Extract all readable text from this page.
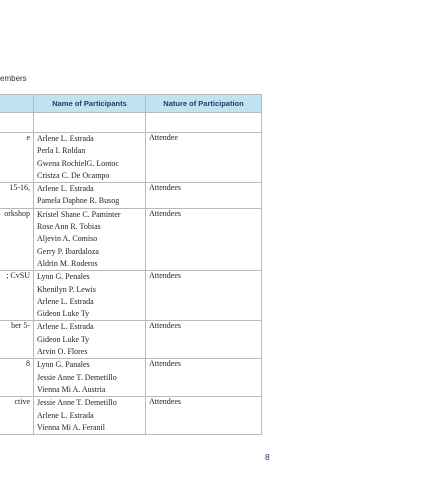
embers
	Name of Participants	Nature of Participation

e	Arlene L. Estrada
Perla I. Roldan
Gwena RochielG. Lontoc
Cristza C. De Ocampo	Attendee
15-16,	Arlene L. Estrada
Pamela Daphne R. Busog	Attendees
orkshop	Kristel Shane C. Paminter
Rose Ann R. Tobias
Aljevin A. Comiso
Gerry P. Ibardaloza
Aldrin M. Roderos	Attendees
; CvSU	Lynn G. Penales
Khenilyn P. Lewis
Arlene L. Estrada
Gideon Luke Ty	Attendees
ber 5-	Arlene L. Estrada
Gideon Luke Ty
Arvin O. Flores	Attendees
8	Lynn G. Panales
Jessie Anne T. Demetillo
Vienna Mi A. Austria	Attendees
ctive	Jessie Anne T. Demetillo
Arlene L. Estrada
Vienna Mi A. Feranil	Attendees
8
